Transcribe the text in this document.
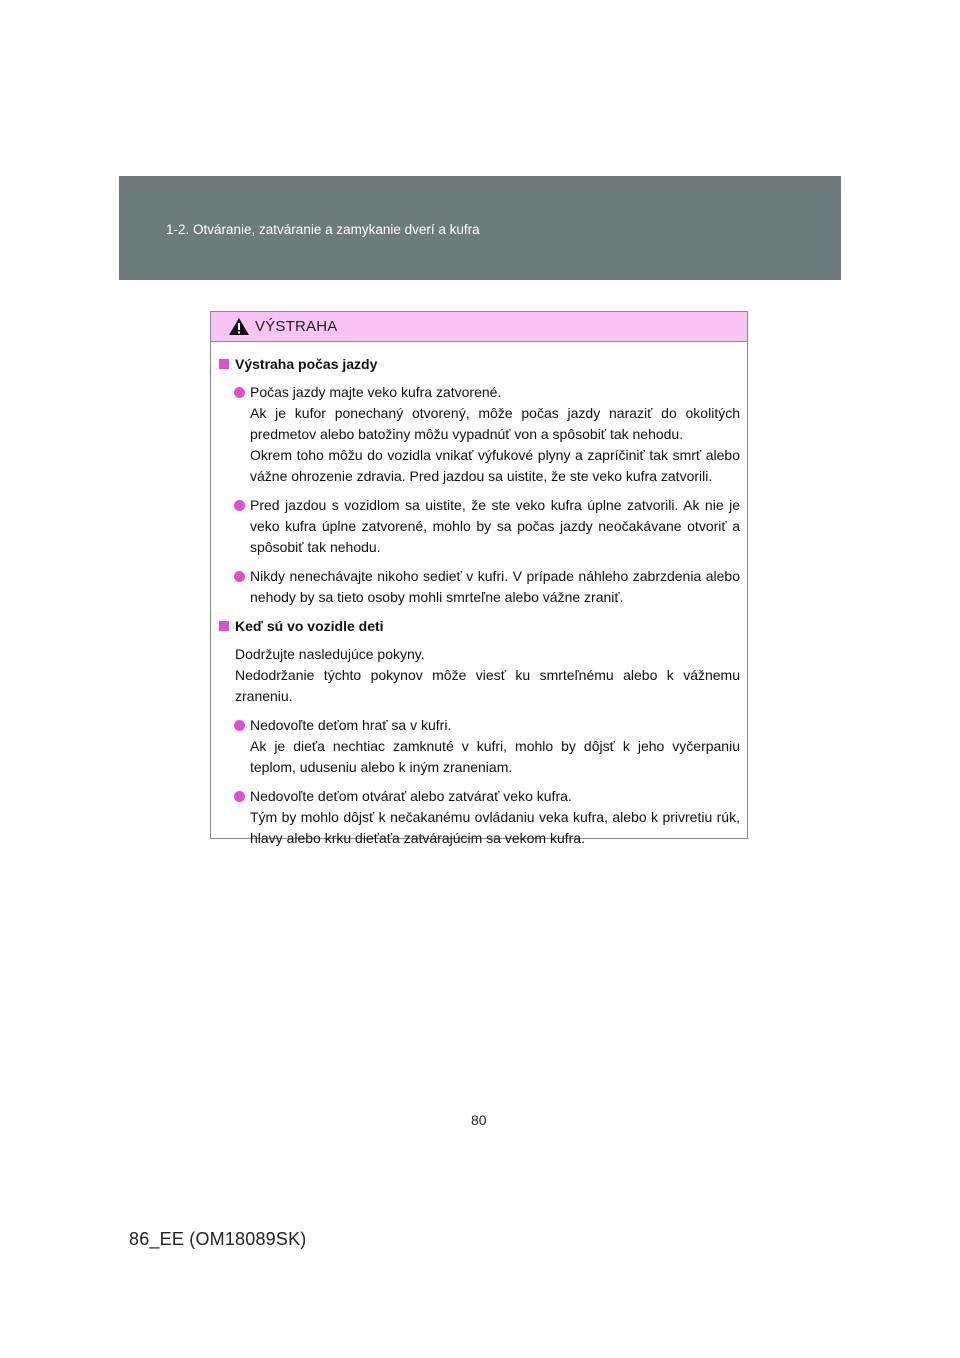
1-2. Otváranie, zatváranie a zamykanie dverí a kufra
VÝSTRAHA
Výstraha počas jazdy

Počas jazdy majte veko kufra zatvorené.

Ak je kufor ponechaný otvorený, môže počas jazdy naraziť do okolitých predmetov alebo batožiny môžu vypadnúť von a spôsobiť tak nehodu.

Okrem toho môžu do vozidla vnikať výfukové plyny a zapríčiniť tak smrť alebo vážne ohrozenie zdravia. Pred jazdou sa uistite, že ste veko kufra zatvorili.

Pred jazdou s vozidlom sa uistite, že ste veko kufra úplne zatvorili. Ak nie je veko kufra úplne zatvorené, mohlo by sa počas jazdy neočakávane otvoriť a spôsobiť tak nehodu.

Nikdy nenechávajte nikoho sedieť v kufri. V prípade náhleho zabrzdenia alebo nehody by sa tieto osoby mohli smrteľne alebo vážne zraniť.

Keď sú vo vozidle deti

Dodržujte nasledujúce pokyny.

Nedodržanie týchto pokynov môže viesť ku smrteľnému alebo k vážnemu zraneniu.

Nedovoľte deťom hrať sa v kufri.

Ak je dieťa nechtiac zamknuté v kufri, mohlo by dôjsť k jeho vyčerpaniu teplom, uduseniu alebo k iným zraneniam.

Nedovoľte deťom otvárať alebo zatvárať veko kufra.

Tým by mohlo dôjsť k nečakanému ovládaniu veka kufra, alebo k privretiu rúk, hlavy alebo krku dieťaťa zatvárajúcim sa vekom kufra.

80
86_EE (OM18089SK)
